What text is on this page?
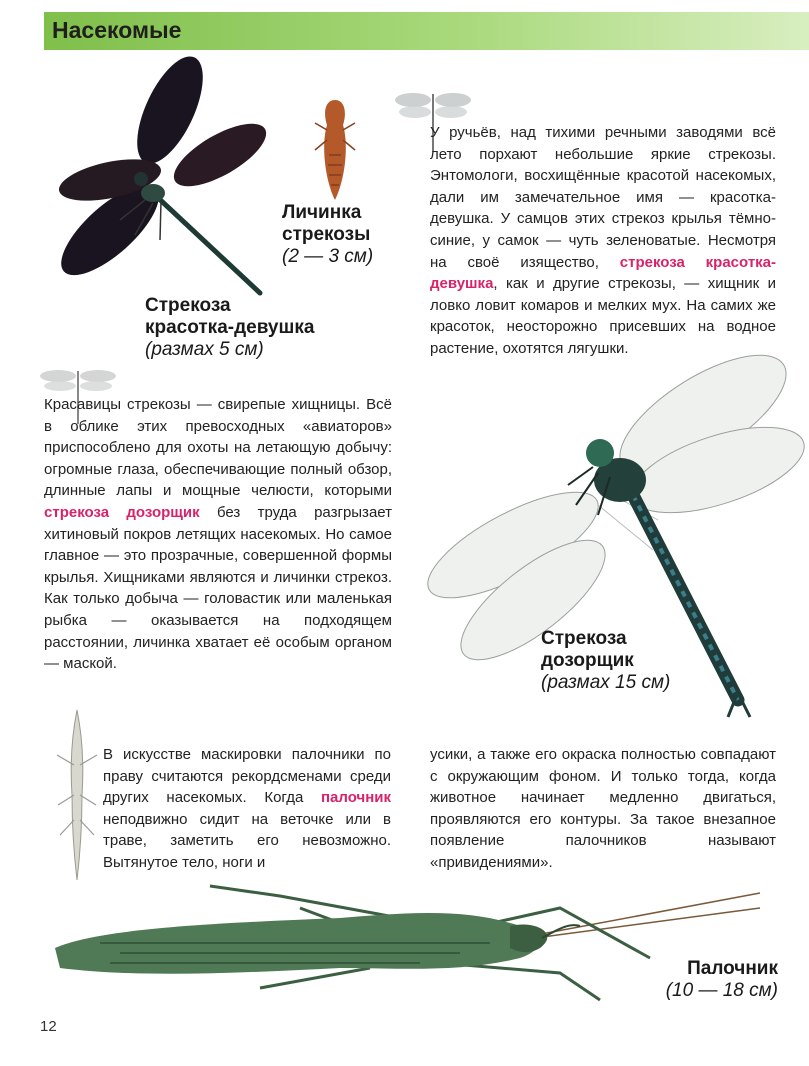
Насекомые
Стрекоза
красотка-девушка
(размах 5 см)
Личинка
стрекозы
(2 — 3 см)
Стрекоза
дозорщик
(размах 15 см)
Палочник
(10 — 18 см)
У ручьёв, над тихими речными заводями всё лето порхают небольшие яркие стрекозы. Энтомологи, восхищённые красотой насекомых, дали им замечательное имя — красотка-девушка. У самцов этих стрекоз крылья тёмно-синие, у самок — чуть зеленоватые. Несмотря на своё изящество, стрекоза красотка-девушка, как и другие стрекозы, — хищник и ловко ловит комаров и мелких мух. На самих же красоток, неосторожно присевших на водное растение, охотятся лягушки.
Красавицы стрекозы — свирепые хищницы. Всё в облике этих превосходных «авиаторов» приспособлено для охоты на летающую добычу: огромные глаза, обеспечивающие полный обзор, длинные лапы и мощные челюсти, которыми стрекоза дозорщик без труда разгрызает хитиновый покров летящих насекомых. Но самое главное — это прозрачные, совершенной формы крылья. Хищниками являются и личинки стрекоз. Как только добыча — головастик или маленькая рыбка — оказывается на подходящем расстоянии, личинка хватает её особым органом — маской.
В искусстве маскировки палочники по праву считаются рекордсменами среди других насекомых. Когда палочник неподвижно сидит на веточке или в траве, заметить его невозможно. Вытянутое тело, ноги и
усики, а также его окраска полностью совпадают с окружающим фоном. И только тогда, когда животное начинает медленно двигаться, проявляются его контуры. За такое внезапное появление палочников называют «привидениями».
12
